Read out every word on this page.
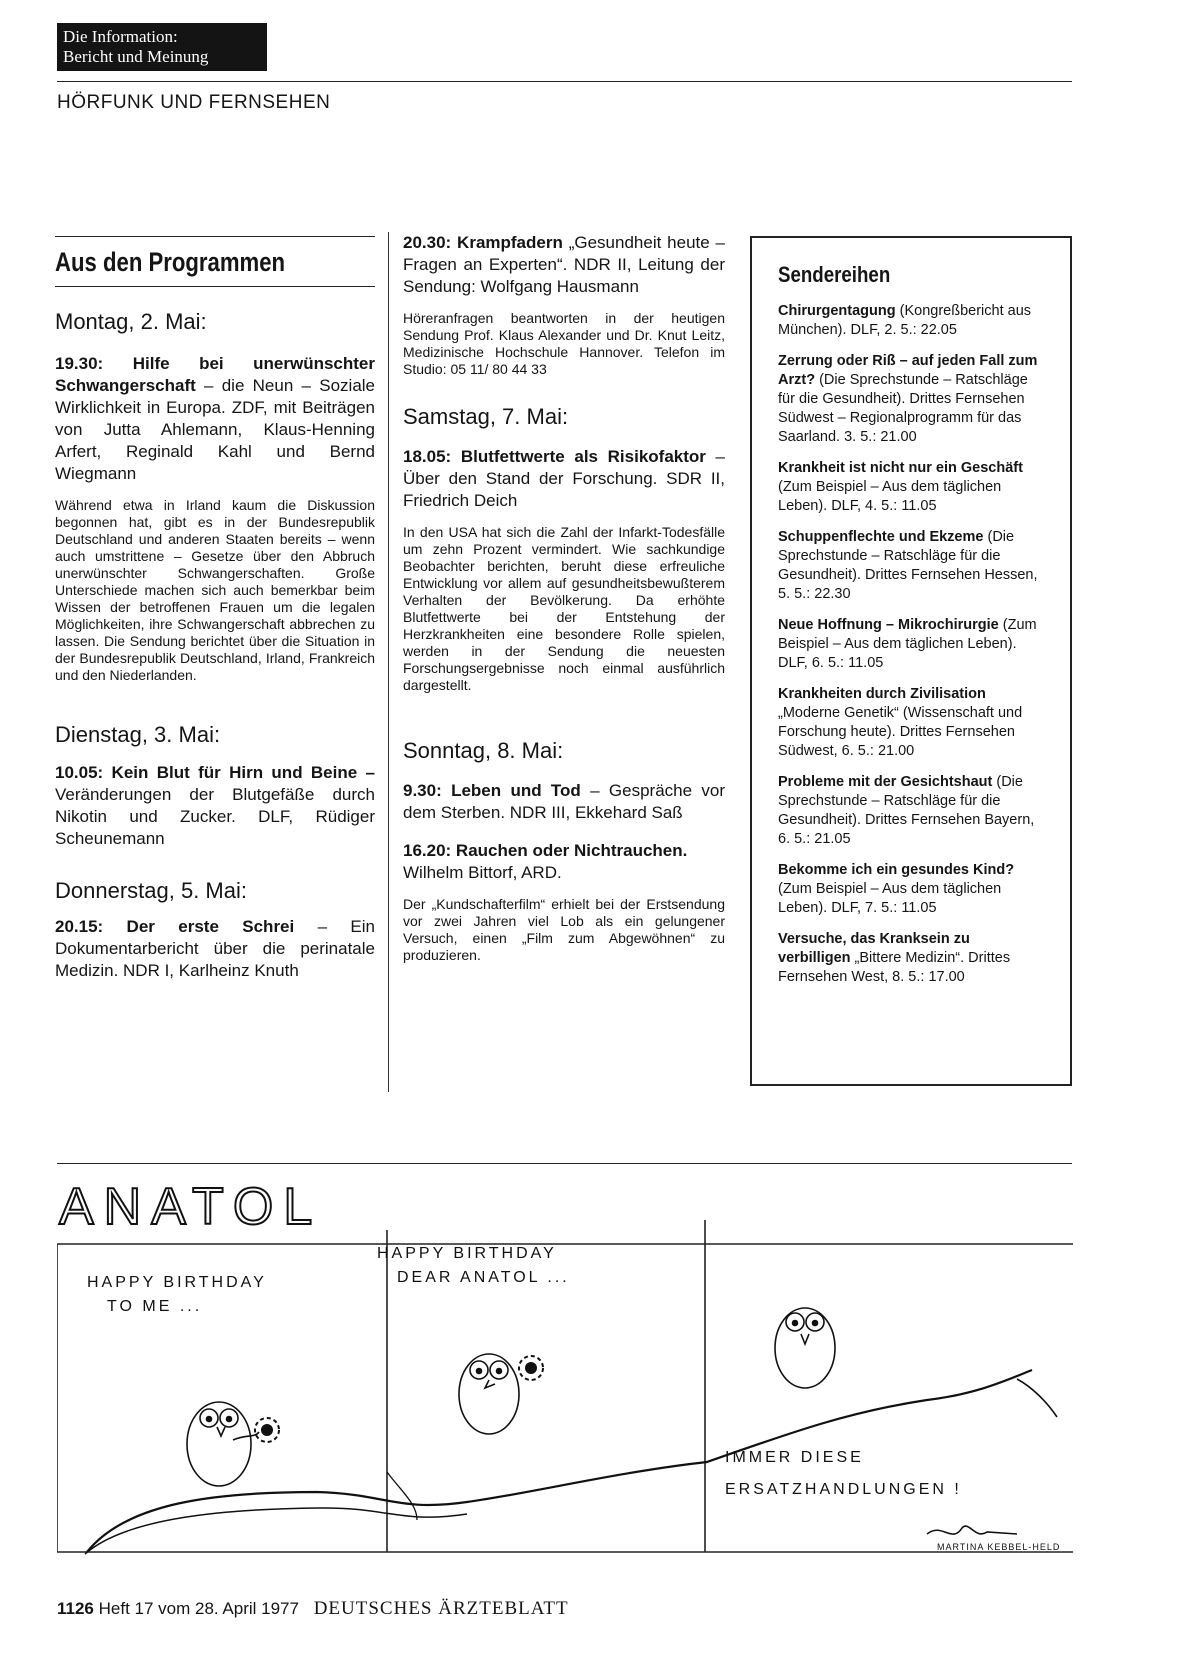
Die Information:
Bericht und Meinung
HÖRFUNK UND FERNSEHEN
Aus den Programmen

Montag, 2. Mai:

19.30: Hilfe bei unerwünschter Schwangerschaft – die Neun – Soziale Wirklichkeit in Europa. ZDF, mit Beiträgen von Jutta Ahlemann, Klaus-Henning Arfert, Reginald Kahl und Bernd Wiegmann

Während etwa in Irland kaum die Diskussion begonnen hat, gibt es in der Bundesrepublik Deutschland und anderen Staaten bereits – wenn auch umstrittene – Gesetze über den Abbruch unerwünschter Schwangerschaften. Große Unterschiede machen sich auch bemerkbar beim Wissen der betroffenen Frauen um die legalen Möglichkeiten, ihre Schwangerschaft abbrechen zu lassen. Die Sendung berichtet über die Situation in der Bundesrepublik Deutschland, Irland, Frankreich und den Niederlanden.

Dienstag, 3. Mai:

10.05: Kein Blut für Hirn und Beine – Veränderungen der Blutgefäße durch Nikotin und Zucker. DLF, Rüdiger Scheunemann

Donnerstag, 5. Mai:

20.15: Der erste Schrei – Ein Dokumentarbericht über die perinatale Medizin. NDR I, Karlheinz Knuth

20.30: Krampfadern „Gesundheit heute – Fragen an Experten“. NDR II, Leitung der Sendung: Wolfgang Hausmann

Höreranfragen beantworten in der heutigen Sendung Prof. Klaus Alexander und Dr. Knut Leitz, Medizinische Hochschule Hannover. Telefon im Studio: 05 11/ 80 44 33

Samstag, 7. Mai:

18.05: Blutfettwerte als Risikofaktor – Über den Stand der Forschung. SDR II, Friedrich Deich

In den USA hat sich die Zahl der Infarkt-Todesfälle um zehn Prozent vermindert. Wie sachkundige Beobachter berichten, beruht diese erfreuliche Entwicklung vor allem auf gesundheitsbewußterem Verhalten der Bevölkerung. Da erhöhte Blutfettwerte bei der Entstehung der Herzkrankheiten eine besondere Rolle spielen, werden in der Sendung die neuesten Forschungsergebnisse noch einmal ausführlich dargestellt.

Sonntag, 8. Mai:

9.30: Leben und Tod – Gespräche vor dem Sterben. NDR III, Ekkehard Saß

16.20: Rauchen oder Nichtrauchen. Wilhelm Bittorf, ARD.

Der „Kundschafterfilm“ erhielt bei der Erstsendung vor zwei Jahren viel Lob als ein gelungener Versuch, einen „Film zum Abgewöhnen“ zu produzieren.

Sendereihen

Chirurgentagung (Kongreßbericht aus München). DLF, 2. 5.: 22.05

Zerrung oder Riß – auf jeden Fall zum Arzt? (Die Sprechstunde – Ratschläge für die Gesundheit). Drittes Fernsehen Südwest – Regionalprogramm für das Saarland. 3. 5.: 21.00

Krankheit ist nicht nur ein Geschäft (Zum Beispiel – Aus dem täglichen Leben). DLF, 4. 5.: 11.05

Schuppenflechte und Ekzeme (Die Sprechstunde – Ratschläge für die Gesundheit). Drittes Fernsehen Hessen, 5. 5.: 22.30

Neue Hoffnung – Mikrochirurgie (Zum Beispiel – Aus dem täglichen Leben). DLF, 6. 5.: 11.05

Krankheiten durch Zivilisation „Moderne Genetik“ (Wissenschaft und Forschung heute). Drittes Fernsehen Südwest, 6. 5.: 21.00

Probleme mit der Gesichtshaut (Die Sprechstunde – Ratschläge für die Gesundheit). Drittes Fernsehen Bayern, 6. 5.: 21.05

Bekomme ich ein gesundes Kind? (Zum Beispiel – Aus dem täglichen Leben). DLF, 7. 5.: 11.05

Versuche, das Kranksein zu verbilligen „Bittere Medizin“. Drittes Fernsehen West, 8. 5.: 17.00

ANATOL
HAPPY BIRTHDAY
TO ME ...
HAPPY BIRTHDAY
DEAR ANATOL ...
IMMER DIESE
ERSATZHANDLUNGEN !
MARTINA KEBBEL-HELD
1126 Heft 17 vom 28. April 1977 DEUTSCHES ÄRZTEBLATT
